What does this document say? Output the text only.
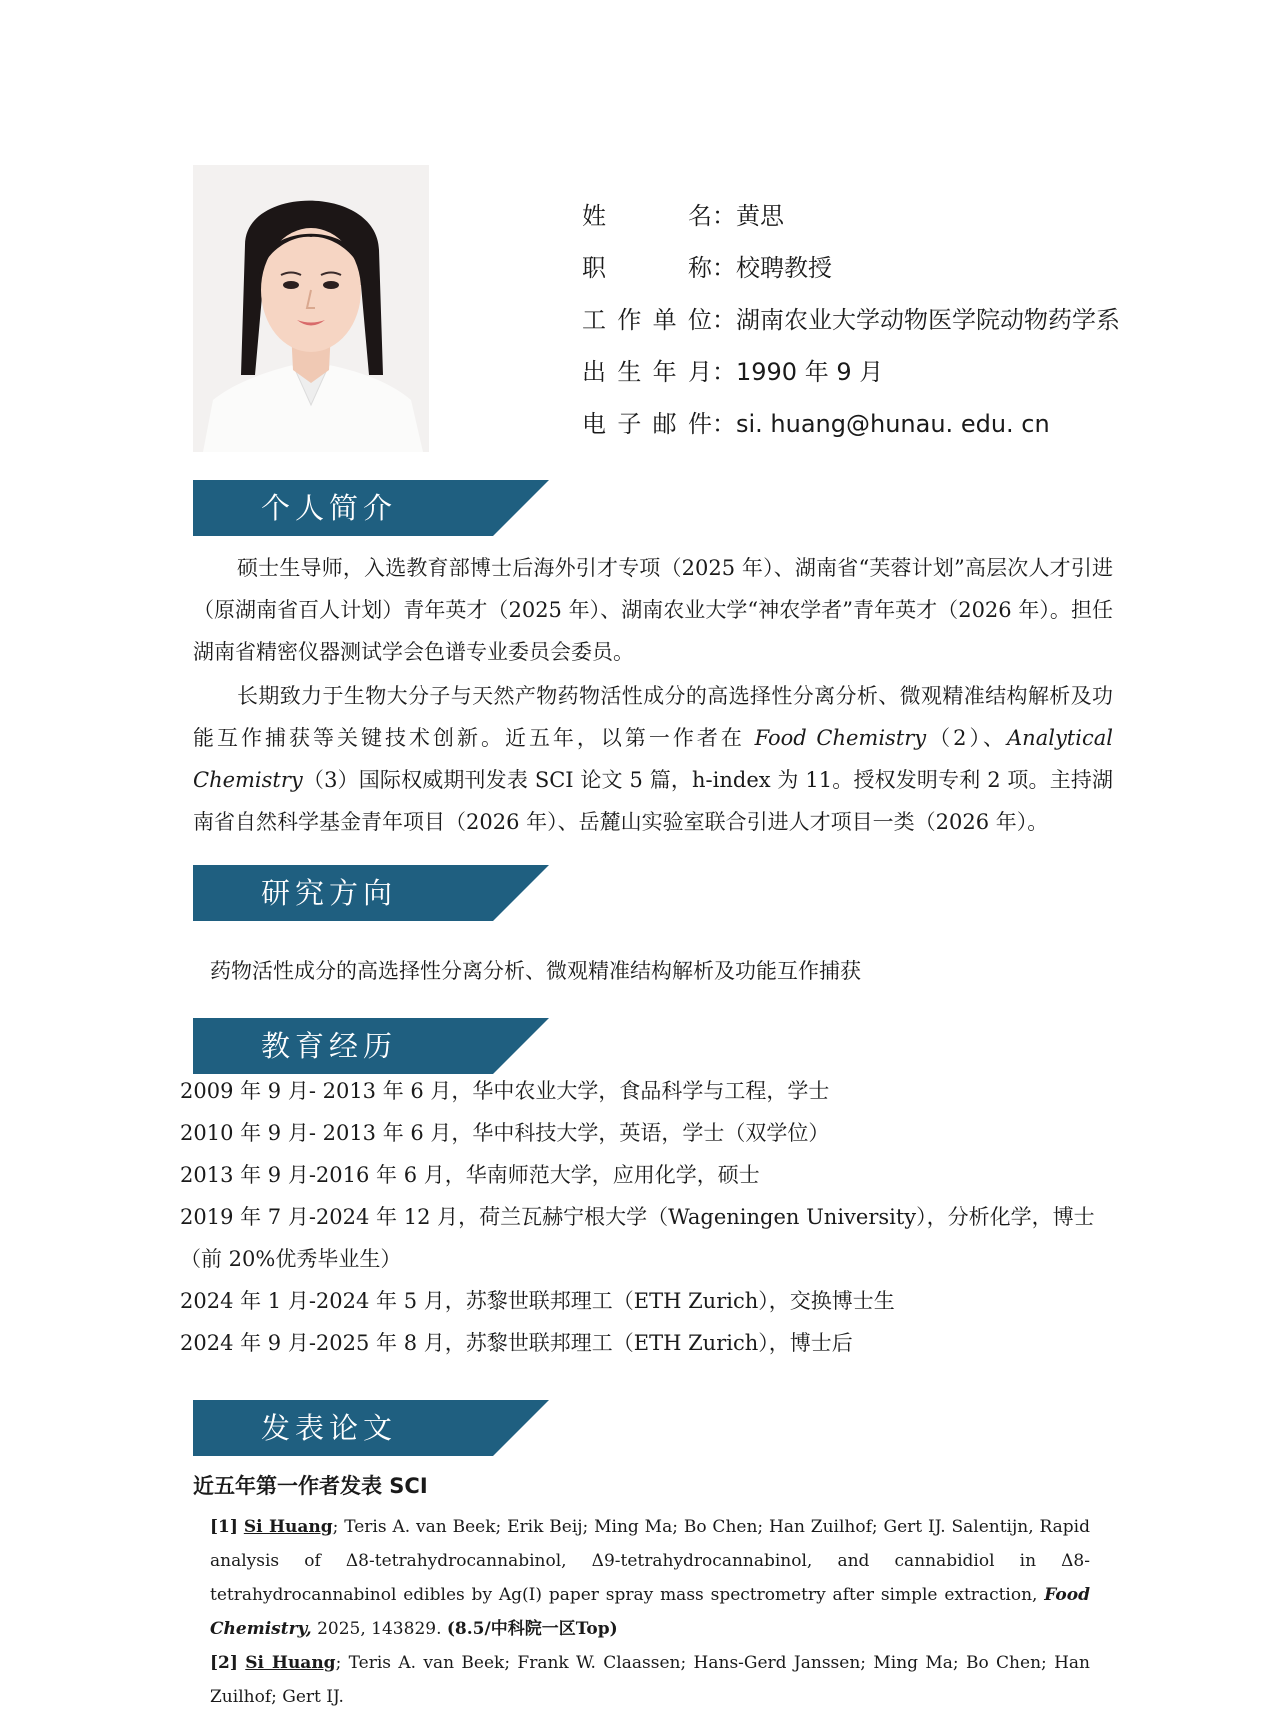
姓名：黄思
职称：校聘教授
工作单位：湖南农业大学动物医学院动物药学系
出生年月：1990 年 9 月
电子邮件：si. huang@hunau. edu. cn
个人简介

硕士生导师，入选教育部博士后海外引才专项（2025 年）、湖南省“芙蓉计划”高层次人才引进（原湖南省百人计划）青年英才（2025 年）、湖南农业大学“神农学者”青年英才（2026 年）。担任湖南省精密仪器测试学会色谱专业委员会委员。

长期致力于生物大分子与天然产物药物活性成分的高选择性分离分析、微观精准结构解析及功能互作捕获等关键技术创新。近五年，以第一作者在 Food Chemistry（2）、Analytical Chemistry（3）国际权威期刊发表 SCI 论文 5 篇，h-index 为 11。授权发明专利 2 项。主持湖南省自然科学基金青年项目（2026 年）、岳麓山实验室联合引进人才项目一类（2026 年）。

研究方向
药物活性成分的高选择性分离分析、微观精准结构解析及功能互作捕获
教育经历

2009 年 9 月- 2013 年 6 月，华中农业大学，食品科学与工程，学士

2010 年 9 月- 2013 年 6 月，华中科技大学，英语，学士（双学位）

2013 年 9 月-2016 年 6 月，华南师范大学，应用化学，硕士

2019 年 7 月-2024 年 12 月，荷兰瓦赫宁根大学（Wageningen University），分析化学，博士（前 20%优秀毕业生）

2024 年 1 月-2024 年 5 月，苏黎世联邦理工（ETH Zurich），交换博士生

2024 年 9 月-2025 年 8 月，苏黎世联邦理工（ETH Zurich），博士后

发表论文
近五年第一作者发表 SCI

[1] Si Huang; Teris A. van Beek; Erik Beij; Ming Ma; Bo Chen; Han Zuilhof; Gert IJ. Salentijn, Rapid analysis of Δ8-tetrahydrocannabinol, Δ9-tetrahydrocannabinol, and cannabidiol in Δ8-tetrahydrocannabinol edibles by Ag(I) paper spray mass spectrometry after simple extraction, Food Chemistry, 2025, 143829. (8.5/中科院一区Top)

[2] Si Huang; Teris A. van Beek; Frank W. Claassen; Hans-Gerd Janssen; Ming Ma; Bo Chen; Han Zuilhof; Gert IJ.
